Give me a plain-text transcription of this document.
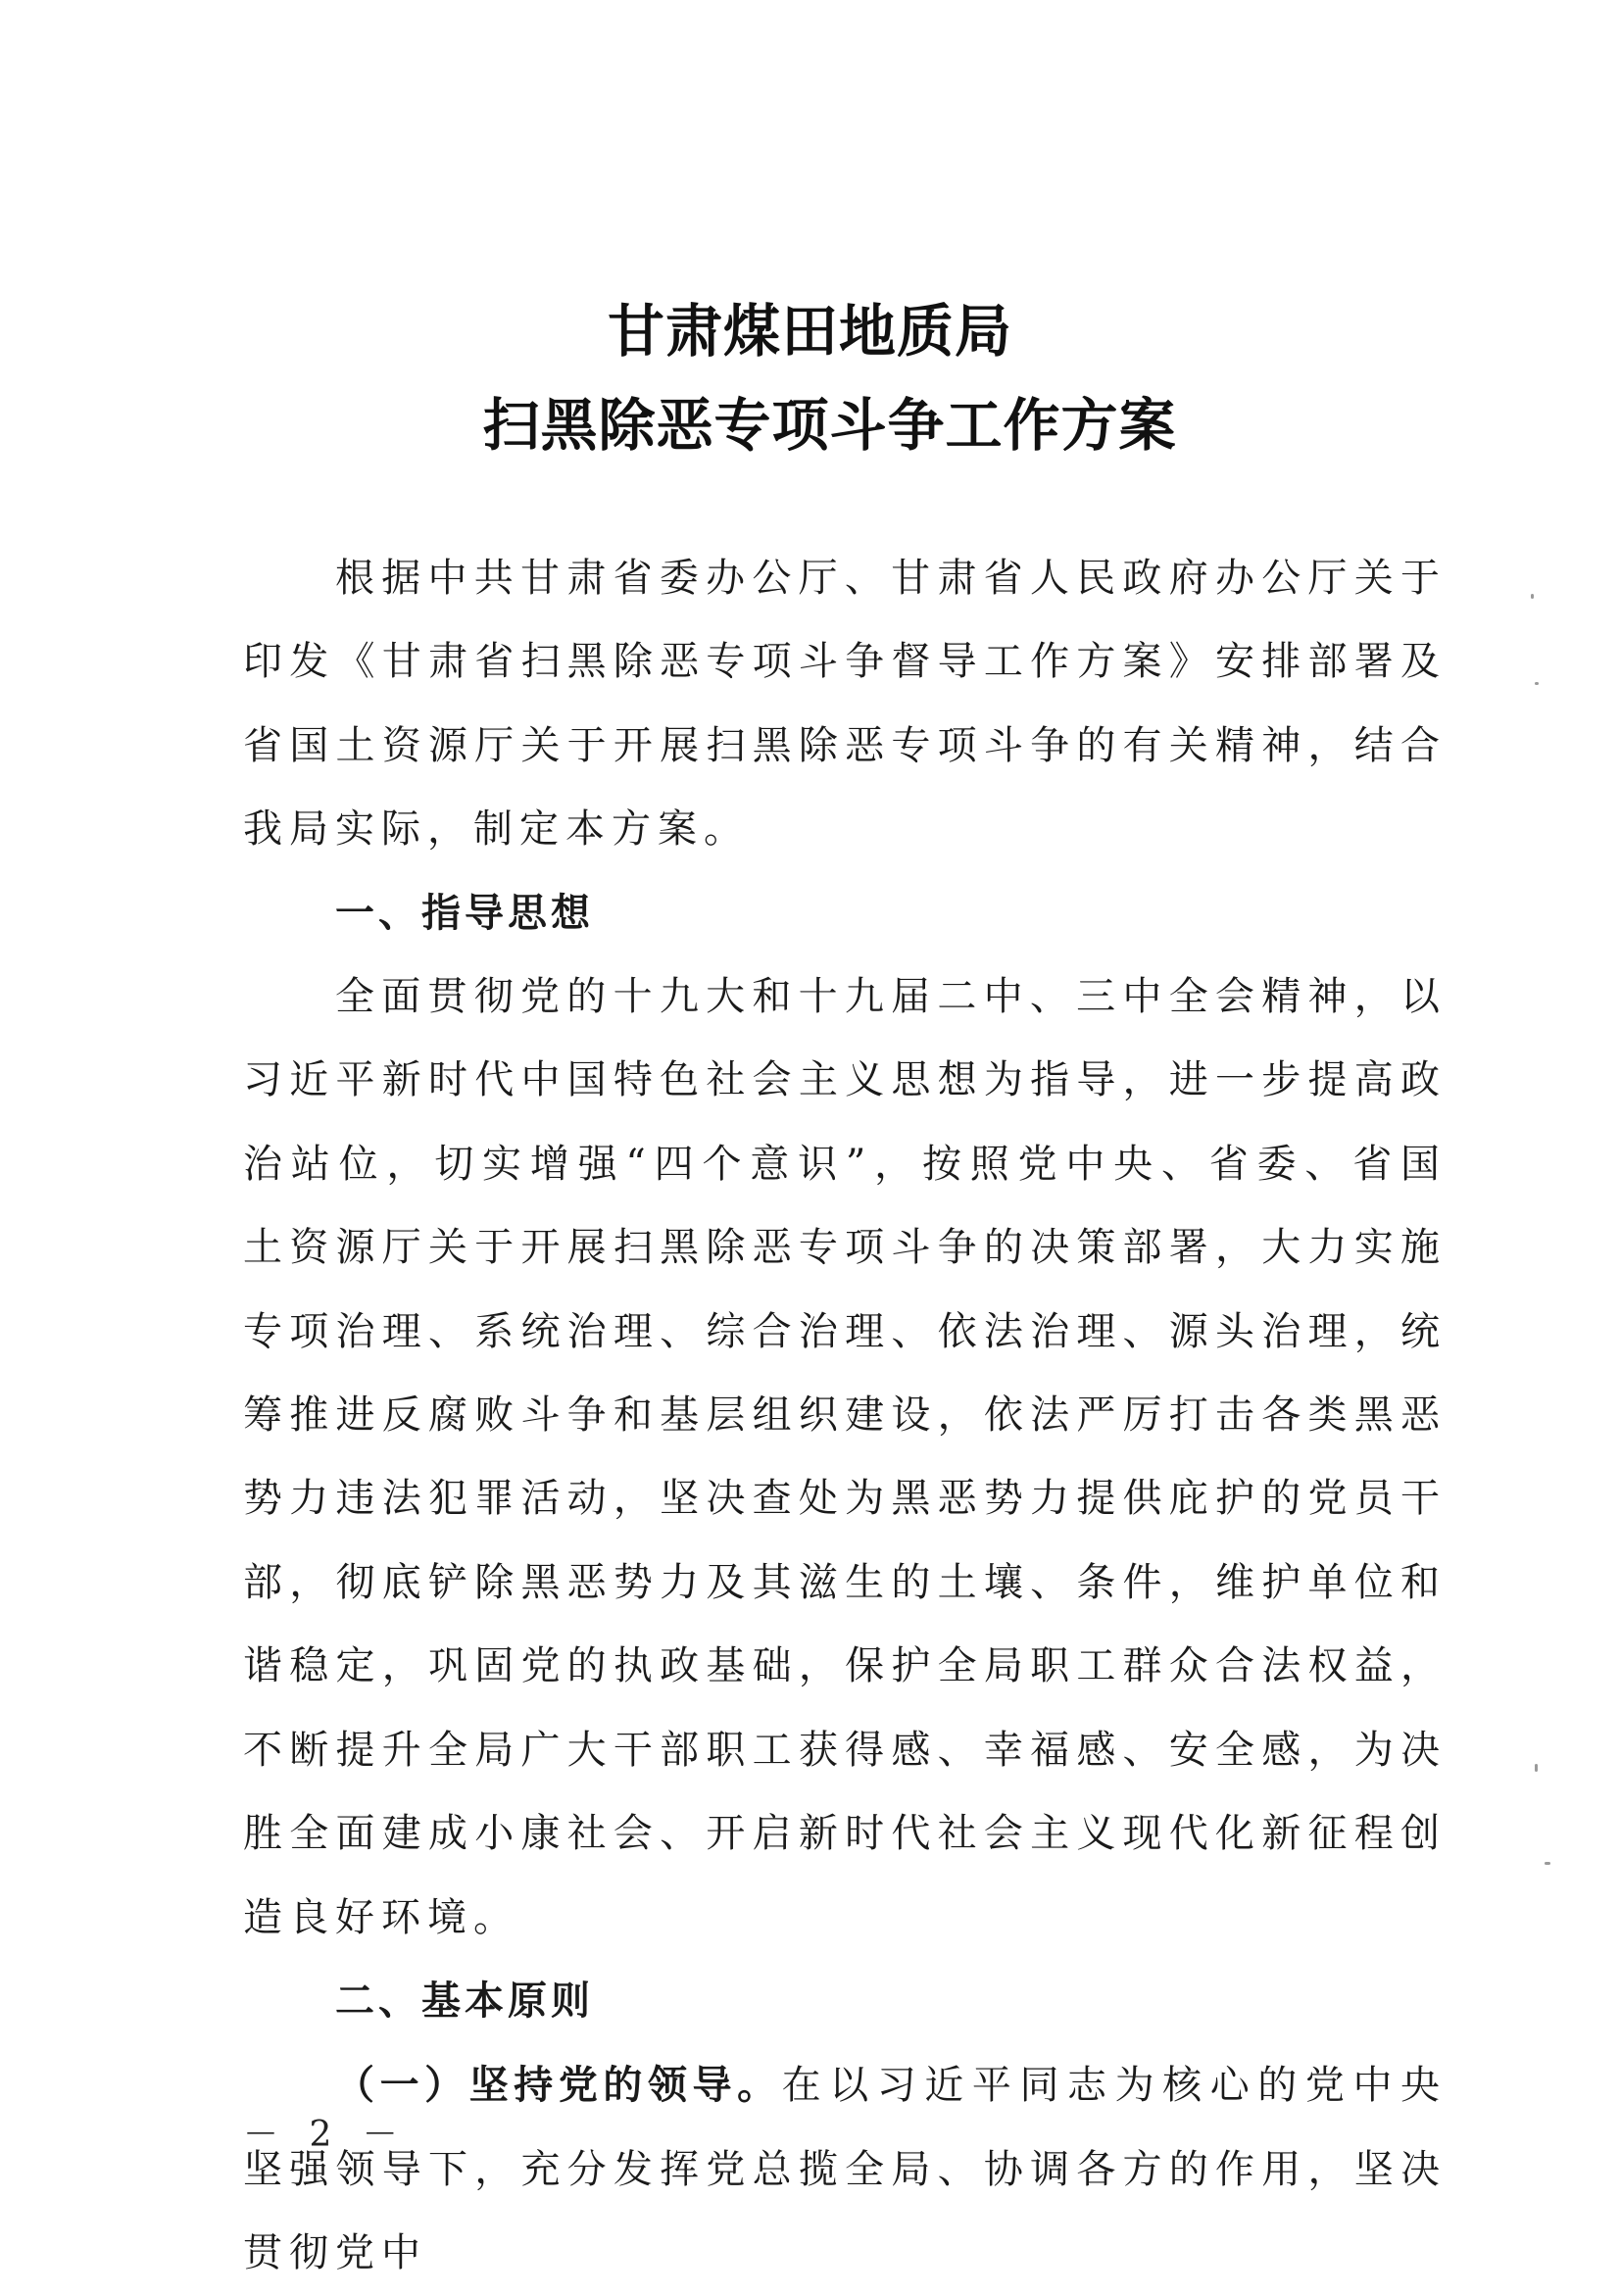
甘肃煤田地质局
扫黑除恶专项斗争工作方案

根据中共甘肃省委办公厅、甘肃省人民政府办公厅关于印发《甘肃省扫黑除恶专项斗争督导工作方案》安排部署及省国土资源厅关于开展扫黑除恶专项斗争的有关精神，结合我局实际，制定本方案。

一、指导思想

全面贯彻党的十九大和十九届二中、三中全会精神，以习近平新时代中国特色社会主义思想为指导，进一步提高政治站位，切实增强“四个意识”，按照党中央、省委、省国土资源厅关于开展扫黑除恶专项斗争的决策部署，大力实施专项治理、系统治理、综合治理、依法治理、源头治理，统筹推进反腐败斗争和基层组织建设，依法严厉打击各类黑恶势力违法犯罪活动，坚决查处为黑恶势力提供庇护的党员干部，彻底铲除黑恶势力及其滋生的土壤、条件，维护单位和谐稳定，巩固党的执政基础，保护全局职工群众合法权益，不断提升全局广大干部职工获得感、幸福感、安全感，为决胜全面建成小康社会、开启新时代社会主义现代化新征程创造良好环境。

二、基本原则

（一）坚持党的领导。在以习近平同志为核心的党中央坚强领导下，充分发挥党总揽全局、协调各方的作用，坚决贯彻党中

－ 2 －
